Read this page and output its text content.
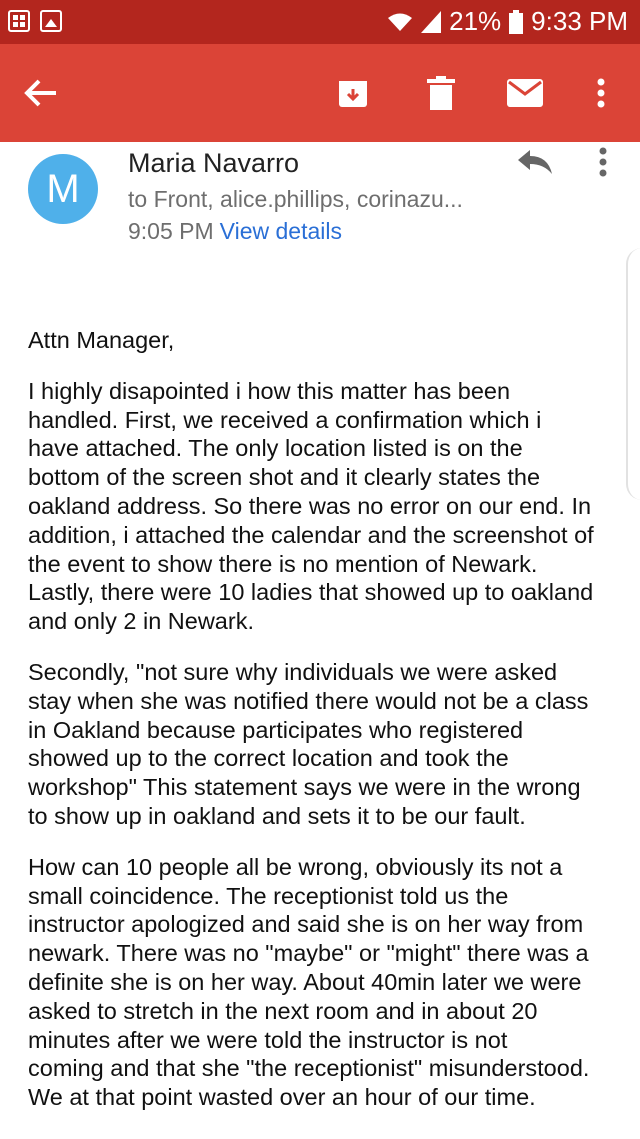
21% 9:33 PM
M
Maria Navarro
to Front, alice.phillips, corinazu...
9:05 PM View details

Attn Manager,

I highly disapointed i how this matter has been
handled. First, we received a confirmation which i
have attached. The only location listed is on the
bottom of the screen shot and it clearly states the
oakland address. So there was no error on our end. In
addition, i attached the calendar and the screenshot of
the event to show there is no mention of Newark.
Lastly, there were 10 ladies that showed up to oakland
and only 2 in Newark.

Secondly, "not sure why individuals we were asked
stay when she was notified there would not be a class
in Oakland because participates who registered
showed up to the correct location and took the
workshop" This statement says we were in the wrong
to show up in oakland and sets it to be our fault.

How can 10 people all be wrong, obviously its not a
small coincidence. The receptionist told us the
instructor apologized and said she is on her way from
newark. There was no "maybe" or "might" there was a
definite she is on her way. About 40min later we were
asked to stretch in the next room and in about 20
minutes after we were told the instructor is not
coming and that she "the receptionist" misunderstood.
We at that point wasted over an hour of our time.
